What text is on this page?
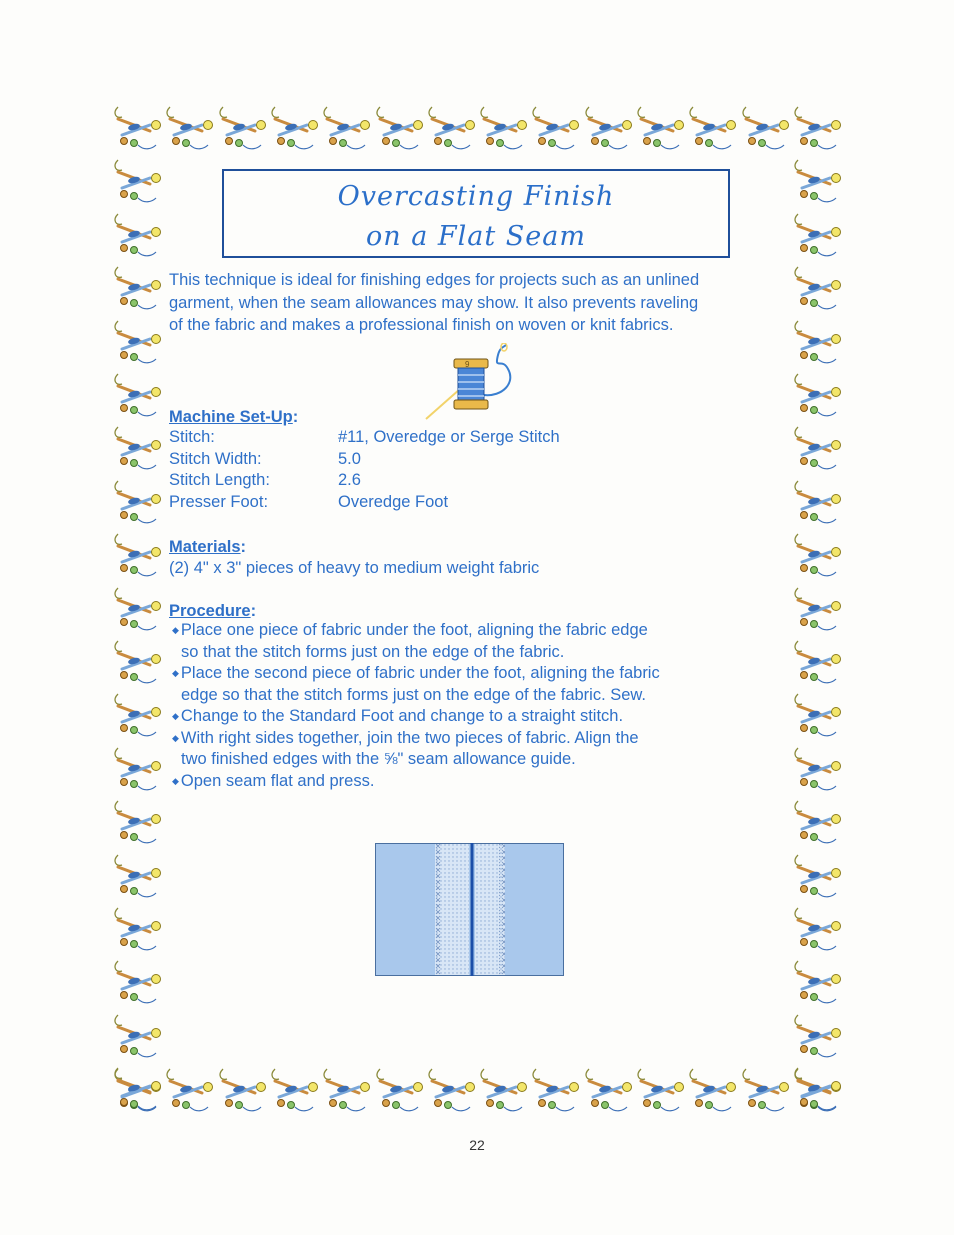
Overcasting Finish
on a Flat Seam
This technique is ideal for finishing edges for projects such as an unlined
garment, when the seam allowances may show. It also prevents raveling
of the fabric and makes a professional finish on woven or knit fabrics.
9
Machine Set-Up:
Stitch:	#11, Overedge or Serge Stitch
Stitch Width:	5.0
Stitch Length:	2.6
Presser Foot:	Overedge Foot
Materials:
(2) 4" x 3" pieces of heavy to medium weight fabric
Procedure:
◆ Place one piece of fabric under the foot, aligning the fabric edge
so that the stitch forms just on the edge of the fabric.
◆ Place the second piece of fabric under the foot, aligning the fabric
edge so that the stitch forms just on the edge of the fabric. Sew.
◆ Change to the Standard Foot and change to a straight stitch.
◆ With right sides together, join the two pieces of fabric. Align the
two finished edges with the ⅝" seam allowance guide.
◆ Open seam flat and press.
22
